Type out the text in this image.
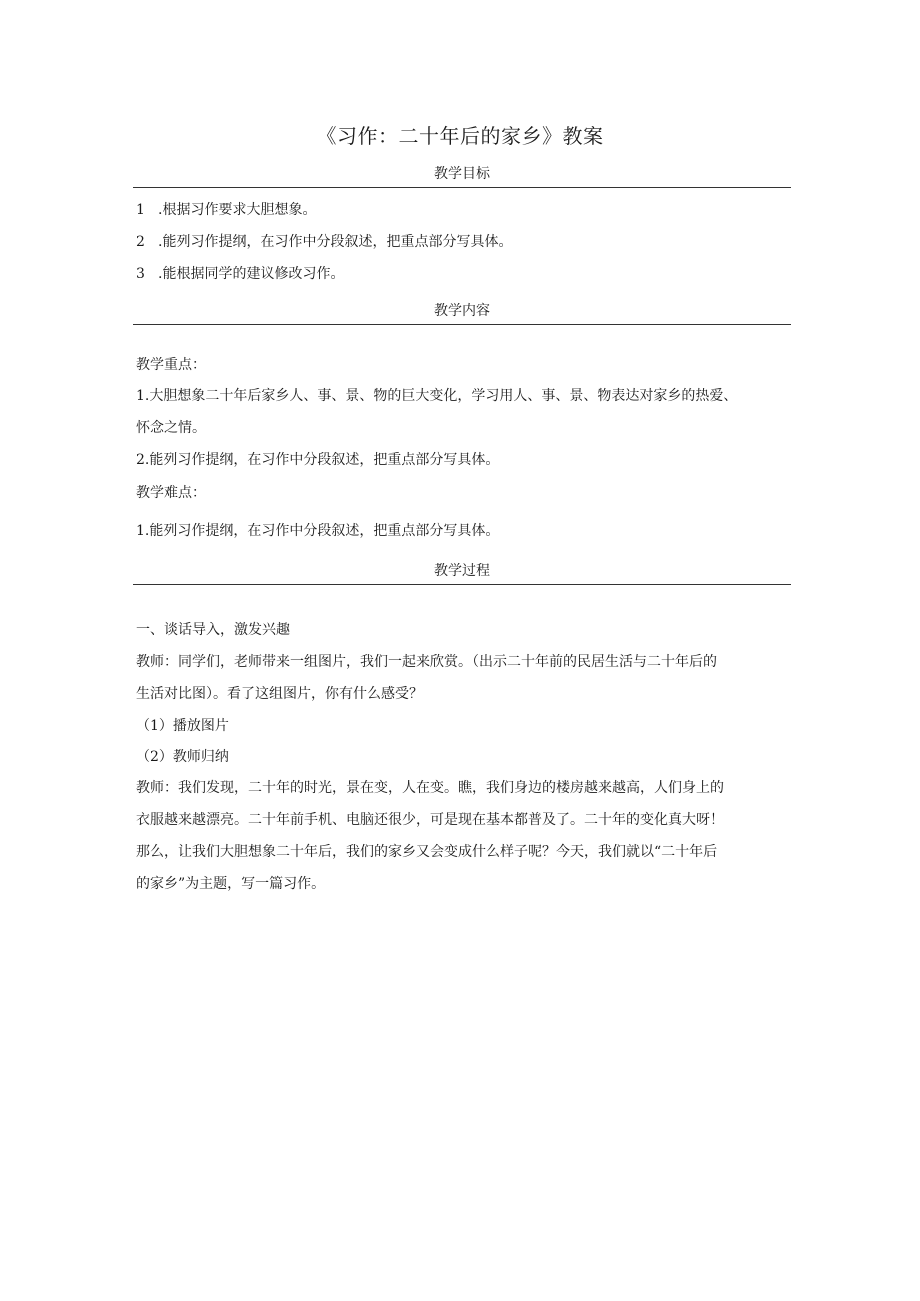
《习作：二十年后的家乡》教案
教学目标
1 .根据习作要求大胆想象。
2 .能列习作提纲，在习作中分段叙述，把重点部分写具体。
3 .能根据同学的建议修改习作。
教学内容
教学重点：
1.大胆想象二十年后家乡人、事、景、物的巨大变化，学习用人、事、景、物表达对家乡的热爱、
怀念之情。
2.能列习作提纲，在习作中分段叙述，把重点部分写具体。
教学难点：
1.能列习作提纲，在习作中分段叙述，把重点部分写具体。
教学过程
一、谈话导入，激发兴趣
教师：同学们，老师带来一组图片，我们一起来欣赏。（出示二十年前的民居生活与二十年后的
生活对比图）。看了这组图片，你有什么感受？
（1）播放图片
（2）教师归纳
教师：我们发现，二十年的时光，景在变，人在变。瞧，我们身边的楼房越来越高，人们身上的
衣服越来越漂亮。二十年前手机、电脑还很少，可是现在基本都普及了。二十年的变化真大呀！
那么，让我们大胆想象二十年后，我们的家乡又会变成什么样子呢？今天，我们就以“二十年后
的家乡”为主题，写一篇习作。
